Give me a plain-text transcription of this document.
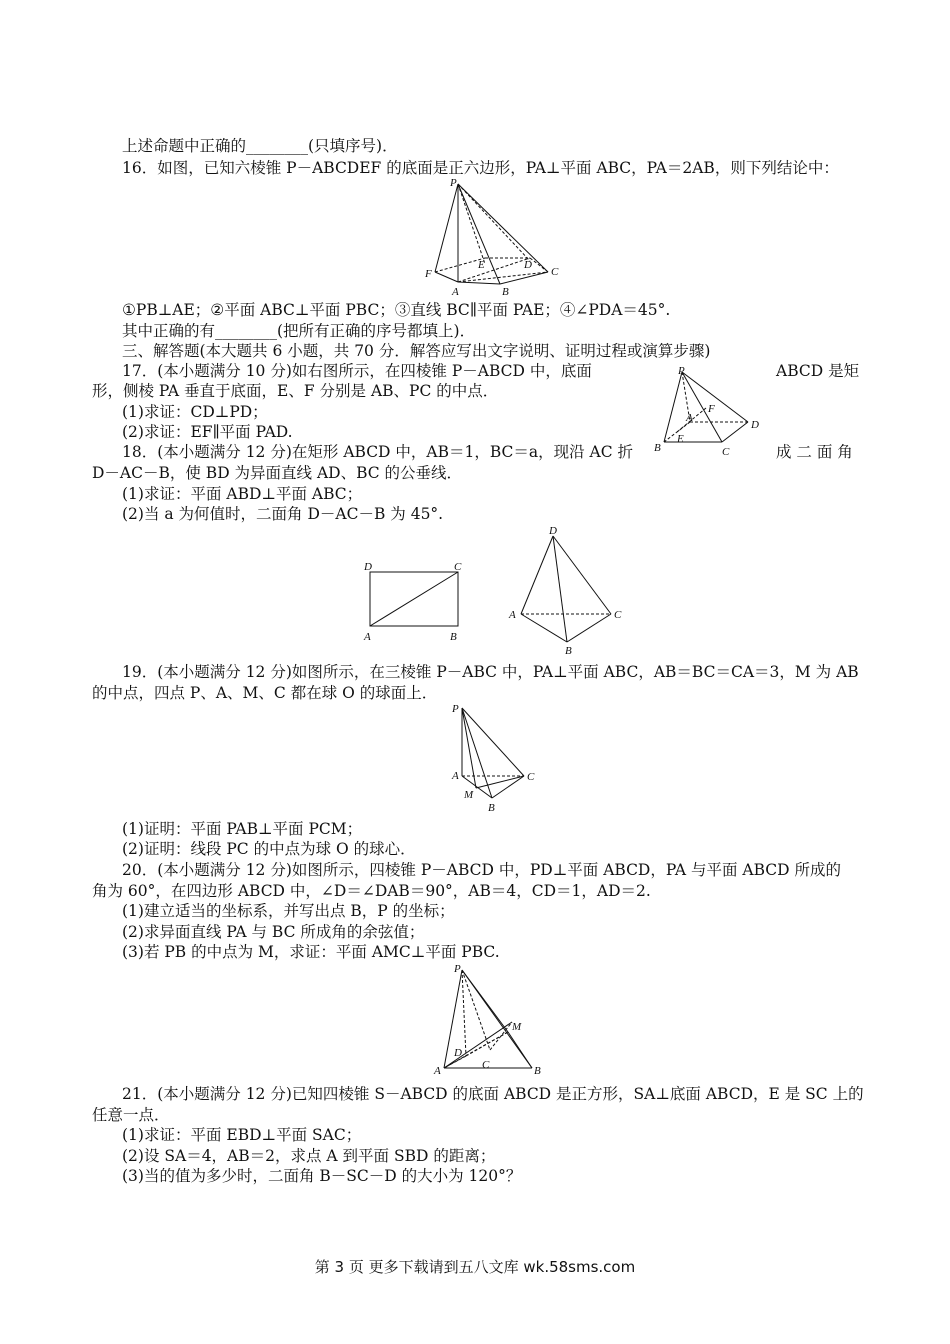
上述命题中正确的________(只填序号)．
16．如图，已知六棱锥 P－ABCDEF 的底面是正六边形，PA⊥平面 ABC，PA＝2AB，则下列结论中：
P
F
E	D
C
A	B
①PB⊥AE；②平面 ABC⊥平面 PBC；③直线 BC∥平面 PAE；④∠PDA＝45°.
其中正确的有________(把所有正确的序号都填上)．
三、解答题(本大题共 6 小题，共 70 分．解答应写出文字说明、证明过程或演算步骤)
17．(本小题满分 10 分)如右图所示，在四棱锥 P－ABCD 中，底面	ABCD 是矩
P
F
A
D
E
B	C
形，侧棱 PA 垂直于底面，E、F 分别是 AB、PC 的中点．
(1)求证：CD⊥PD；
(2)求证：EF∥平面 PAD.
18．(本小题满分 12 分)在矩形 ABCD 中，AB＝1，BC＝a，现沿 AC 折	成 二 面 角
D－AC－B，使 BD 为异面直线 AD、BC 的公垂线．
(1)求证：平面 ABD⊥平面 ABC；
(2)当 a 为何值时，二面角 D－AC－B 为 45°.
D	C
A	B
D
A	C
B
19．(本小题满分 12 分)如图所示，在三棱锥 P－ABC 中，PA⊥平面 ABC，AB＝BC＝CA＝3，M 为 AB
的中点，四点 P、A、M、C 都在球 O 的球面上．
P
A	C
M
B
(1)证明：平面 PAB⊥平面 PCM；
(2)证明：线段 PC 的中点为球 O 的球心．
20．(本小题满分 12 分)如图所示，四棱锥 P－ABCD 中，PD⊥平面 ABCD，PA 与平面 ABCD 所成的
角为 60°，在四边形 ABCD 中，∠D＝∠DAB＝90°，AB＝4，CD＝1，AD＝2.
(1)建立适当的坐标系，并写出点 B，P 的坐标；
(2)求异面直线 PA 与 BC 所成角的余弦值；
(3)若 PB 的中点为 M，求证：平面 AMC⊥平面 PBC.
P
M
D
C
A	B
21．(本小题满分 12 分)已知四棱锥 S－ABCD 的底面 ABCD 是正方形，SA⊥底面 ABCD，E 是 SC 上的
任意一点．
(1)求证：平面 EBD⊥平面 SAC；
(2)设 SA＝4，AB＝2，求点 A 到平面 SBD 的距离；
(3)当的值为多少时，二面角 B－SC－D 的大小为 120°？
第 3 页 更多下载请到五八文库 wk.58sms.com
